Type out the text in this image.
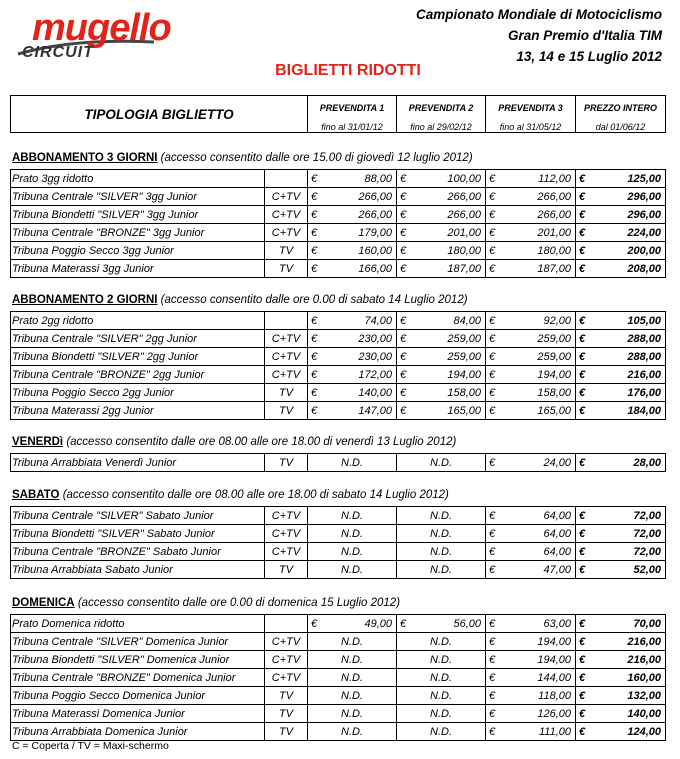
mugello
CIRCUIT
Campionato Mondiale di Motociclismo
Gran Premio d'Italia TIM
13, 14 e 15 Luglio 2012
BIGLIETTI RIDOTTI
TIPOLOGIA BIGLIETTO	PREVENDITA 1	PREVENDITA 2	PREVENDITA 3	PREZZO INTERO
	fino al 31/01/12	fino al 29/02/12	fino al 31/05/12	dal 01/06/12
ABBONAMENTO 3 GIORNI (accesso consentito dalle ore 15.00 di giovedì 12 luglio 2012)
Prato 3gg ridotto		€	88,00	€	100,00	€	112,00	€	125,00
Tribuna Centrale "SILVER" 3gg Junior	C+TV	€	266,00	€	266,00	€	266,00	€	296,00
Tribuna Biondetti "SILVER" 3gg Junior	C+TV	€	266,00	€	266,00	€	266,00	€	296,00
Tribuna Centrale "BRONZE" 3gg Junior	C+TV	€	179,00	€	201,00	€	201,00	€	224,00
Tribuna Poggio Secco 3gg Junior	TV	€	160,00	€	180,00	€	180,00	€	200,00
Tribuna Materassi 3gg Junior	TV	€	166,00	€	187,00	€	187,00	€	208,00
ABBONAMENTO 2 GIORNI (accesso consentito dalle ore 0.00 di sabato 14 Luglio 2012)
Prato 2gg ridotto		€	74,00	€	84,00	€	92,00	€	105,00
Tribuna Centrale "SILVER" 2gg Junior	C+TV	€	230,00	€	259,00	€	259,00	€	288,00
Tribuna Biondetti "SILVER" 2gg Junior	C+TV	€	230,00	€	259,00	€	259,00	€	288,00
Tribuna Centrale "BRONZE" 2gg Junior	C+TV	€	172,00	€	194,00	€	194,00	€	216,00
Tribuna Poggio Secco 2gg Junior	TV	€	140,00	€	158,00	€	158,00	€	176,00
Tribuna Materassi 2gg Junior	TV	€	147,00	€	165,00	€	165,00	€	184,00
VENERDì (accesso consentito dalle ore 08.00 alle ore 18.00 di venerdì 13 Luglio 2012)
Tribuna Arrabbiata Venerdì Junior	TV	N.D.	N.D.	€	24,00	€	28,00
SABATO (accesso consentito dalle ore 08.00 alle ore 18.00 di sabato 14 Luglio 2012)
Tribuna Centrale "SILVER" Sabato Junior	C+TV	N.D.	N.D.	€	64,00	€	72,00
Tribuna Biondetti "SILVER" Sabato Junior	C+TV	N.D.	N.D.	€	64,00	€	72,00
Tribuna Centrale "BRONZE" Sabato Junior	C+TV	N.D.	N.D.	€	64,00	€	72,00
Tribuna Arrabbiata Sabato Junior	TV	N.D.	N.D.	€	47,00	€	52,00
DOMENICA (accesso consentito dalle ore 0.00 di domenica 15 Luglio 2012)
Prato Domenica ridotto		€	49,00	€	56,00	€	63,00	€	70,00
Tribuna Centrale "SILVER" Domenica Junior	C+TV	N.D.		N.D.		€	194,00	€	216,00
Tribuna Biondetti "SILVER" Domenica Junior	C+TV	N.D.		N.D.		€	194,00	€	216,00
Tribuna Centrale "BRONZE" Domenica Junior	C+TV	N.D.		N.D.		€	144,00	€	160,00
Tribuna Poggio Secco Domenica Junior	TV	N.D.		N.D.		€	118,00	€	132,00
Tribuna Materassi Domenica Junior	TV	N.D.		N.D.		€	126,00	€	140,00
Tribuna Arrabbiata Domenica Junior	TV	N.D.		N.D.		€	111,00	€	124,00
C = Coperta / TV = Maxi-schermo
